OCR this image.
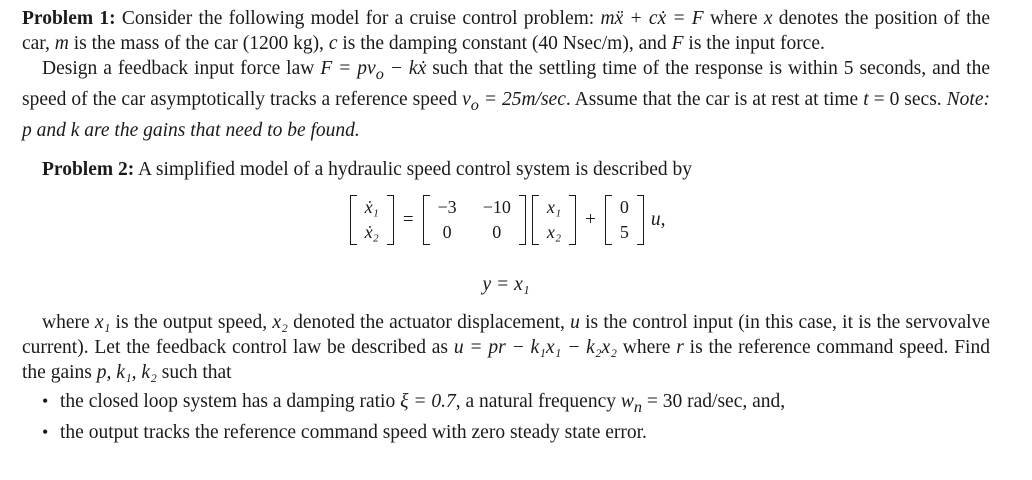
Problem 1: Consider the following model for a cruise control problem: mẍ + cẋ = F where x denotes the position of the car, m is the mass of the car (1200 kg), c is the damping constant (40 Nsec/m), and F is the input force.

Design a feedback input force law $F = pv_o$ − kẋ such that the settling time of the response is within 5 seconds, and the speed of the car asymptotically tracks a reference speed $v_o = 25m/\sec$. Assume that the car is at rest at time t = 0 secs. Note: p and k are the gains that need to be found.

Problem 2: A simplified model of a hydraulic speed control system is described by

ẋ₁
ẋ₂
=
−3 −10
0 0
x₁
x₂
+
0
5
u,
y = x₁

where x₁ is the output speed, x₂ denoted the actuator displacement, u is the control input (in this case, it is the servovalve current). Let the feedback control law be described as u = pr − k₁x₁ − k₂x₂ where r is the reference command speed. Find the gains p, k₁, k₂ such that

• the closed loop system has a damping ratio ξ = 0.7, a natural frequency $w_n = 30$ rad/sec, and,
• the output tracks the reference command speed with zero steady state error.
